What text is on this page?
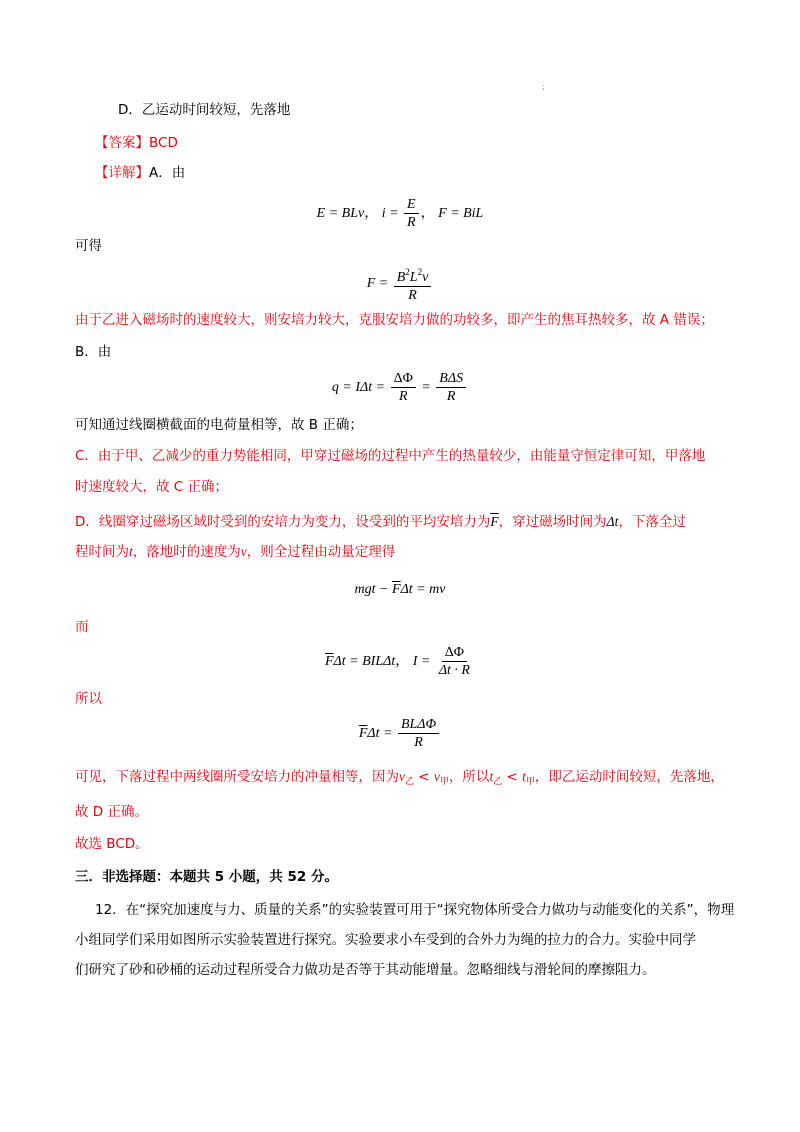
;
D．乙运动时间较短，先落地
【答案】BCD
【详解】A．由
E = BLv， $i = \frac{E}{R}$ ， F = BiL
可得
$F = \frac{B^2L^2v}{R}$
由于乙进入磁场时的速度较大，则安培力较大，克服安培力做的功较多，即产生的焦耳热较多，故 A 错误；
B．由
$q = I\Delta t = \frac{\Delta\Phi}{R} = \frac{\text{BΔS}}{R}$
可知通过线圈横截面的电荷量相等，故 B 正确；
C．由于甲、乙减少的重力势能相同，甲穿过磁场的过程中产生的热量较少，由能量守恒定律可知，甲落地
时速度较大，故 C 正确；
D．线圈穿过磁场区域时受到的安培力为变力，设受到的平均安培力为$\overline{F}$，穿过磁场时间为Δt，下落全过
程时间为t，落地时的速度为v，则全过程由动量定理得
mgt − $\overline{F}\Delta t$ = mv
而
$\overline{F}\Delta t = BIL\Delta t$， $I = \frac{\Delta\Phi}{\Delta t \cdot R}$
所以
$\overline{F}\Delta t = \frac{\text{BLΔΦ}}{R}$
可见，下落过程中两线圈所受安培力的冲量相等，因为$v_乙 < v_甲$，所以$t_乙 < t_甲$，即乙运动时间较短，先落地，
故 D 正确。
故选 BCD。
三．非选择题：本题共 5 小题，共 52 分。
12．在“探究加速度与力、质量的关系”的实验装置可用于“探究物体所受合力做功与动能变化的关系”，物理
小组同学们采用如图所示实验装置进行探究。实验要求小车受到的合外力为绳的拉力的合力。实验中同学
们研究了砂和砂桶的运动过程所受合力做功是否等于其动能增量。忽略细线与滑轮间的摩擦阻力。
